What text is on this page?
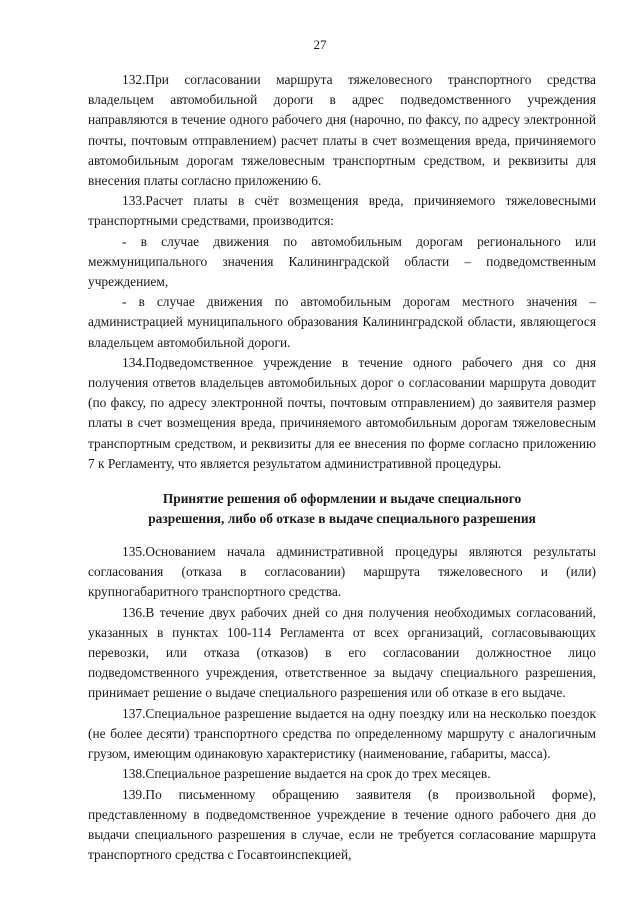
27

132.При согласовании маршрута тяжеловесного транспортного средства владельцем автомобильной дороги в адрес подведомственного учреждения направляются в течение одного рабочего дня (нарочно, по факсу, по адресу электронной почты, почтовым отправлением) расчет платы в счет возмещения вреда, причиняемого автомобильным дорогам тяжеловесным транспортным средством, и реквизиты для внесения платы согласно приложению 6.

133.Расчет платы в счёт возмещения вреда, причиняемого тяжеловесными транспортными средствами, производится:

- в случае движения по автомобильным дорогам регионального или межмуниципального значения Калининградской области – подведомственным учреждением,

- в случае движения по автомобильным дорогам местного значения – администрацией муниципального образования Калининградской области, являющегося владельцем автомобильной дороги.

134.Подведомственное учреждение в течение одного рабочего дня со дня получения ответов владельцев автомобильных дорог о согласовании маршрута доводит (по факсу, по адресу электронной почты, почтовым отправлением) до заявителя размер платы в счет возмещения вреда, причиняемого автомобильным дорогам тяжеловесным транспортным средством, и реквизиты для ее внесения по форме согласно приложению 7 к Регламенту, что является результатом административной процедуры.

Принятие решения об оформлении и выдаче специального
разрешения, либо об отказе в выдаче специального разрешения

135.Основанием начала административной процедуры являются результаты согласования (отказа в согласовании) маршрута тяжеловесного и (или) крупногабаритного транспортного средства.

136.В течение двух рабочих дней со дня получения необходимых согласований, указанных в пунктах 100-114 Регламента от всех организаций, согласовывающих перевозки, или отказа (отказов) в его согласовании должностное лицо подведомственного учреждения, ответственное за выдачу специального разрешения, принимает решение о выдаче специального разрешения или об отказе в его выдаче.

137.Специальное разрешение выдается на одну поездку или на несколько поездок (не более десяти) транспортного средства по определенному маршруту с аналогичным грузом, имеющим одинаковую характеристику (наименование, габариты, масса).

138.Специальное разрешение выдается на срок до трех месяцев.

139.По письменному обращению заявителя (в произвольной форме), представленному в подведомственное учреждение в течение одного рабочего дня до выдачи специального разрешения в случае, если не требуется согласование маршрута транспортного средства с Госавтоинспекцией,
